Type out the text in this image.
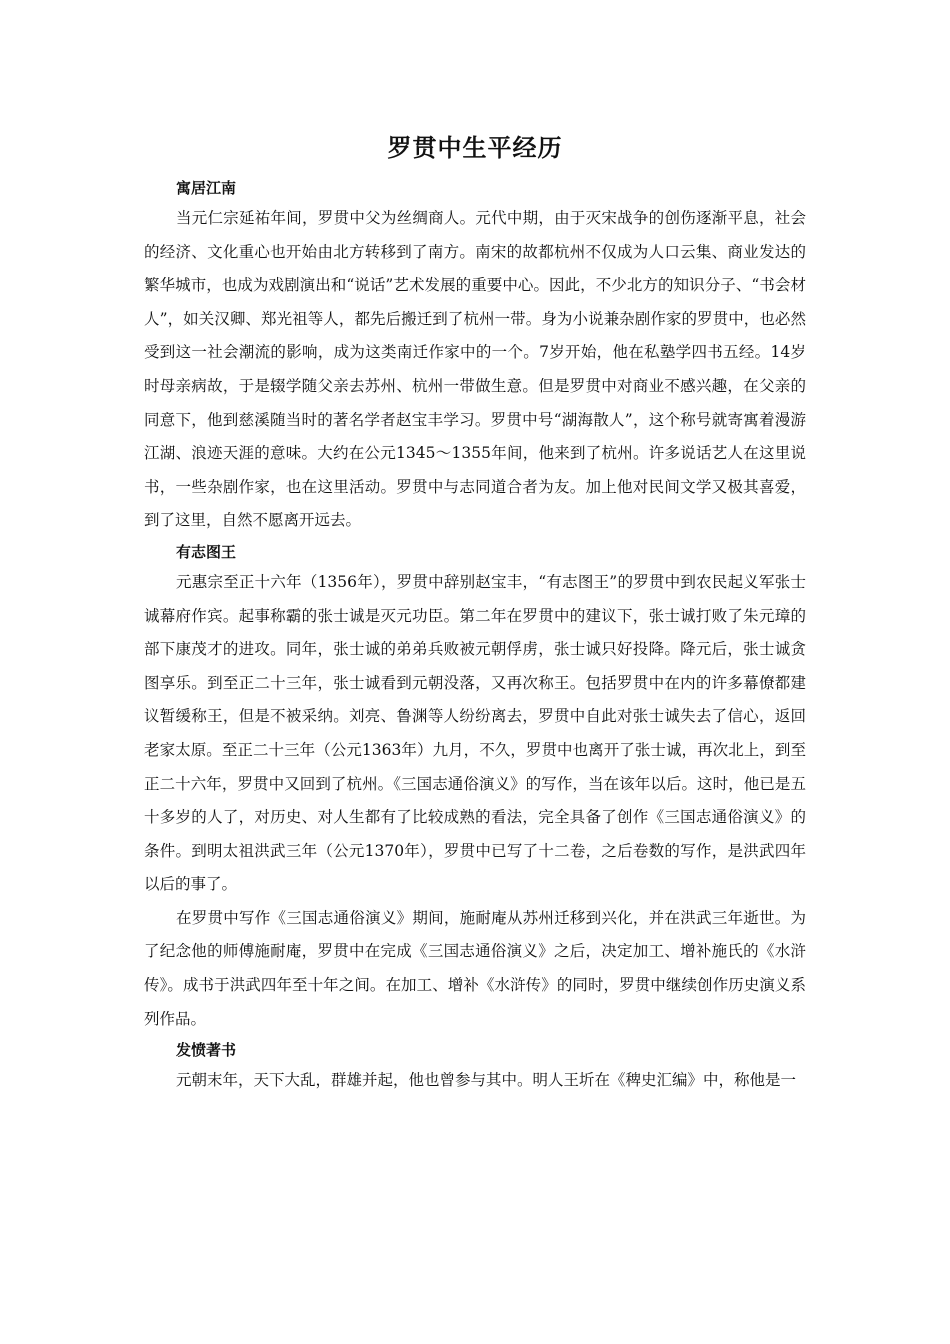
罗贯中生平经历
寓居江南

当元仁宗延祐年间，罗贯中父为丝绸商人。元代中期，由于灭宋战争的创伤逐渐平息，社会的经济、文化重心也开始由北方转移到了南方。南宋的故都杭州不仅成为人口云集、商业发达的繁华城市，也成为戏剧演出和“说话”艺术发展的重要中心。因此，不少北方的知识分子、“书会材人”，如关汉卿、郑光祖等人，都先后搬迁到了杭州一带。身为小说兼杂剧作家的罗贯中，也必然受到这一社会潮流的影响，成为这类南迁作家中的一个。7岁开始，他在私塾学四书五经。14岁时母亲病故，于是辍学随父亲去苏州、杭州一带做生意。但是罗贯中对商业不感兴趣，在父亲的同意下，他到慈溪随当时的著名学者赵宝丰学习。罗贯中号“湖海散人”，这个称号就寄寓着漫游江湖、浪迹天涯的意味。大约在公元1345～1355年间，他来到了杭州。许多说话艺人在这里说书，一些杂剧作家，也在这里活动。罗贯中与志同道合者为友。加上他对民间文学又极其喜爱，到了这里，自然不愿离开远去。

有志图王

元惠宗至正十六年（1356年），罗贯中辞别赵宝丰，“有志图王”的罗贯中到农民起义军张士诚幕府作宾。起事称霸的张士诚是灭元功臣。第二年在罗贯中的建议下，张士诚打败了朱元璋的部下康茂才的进攻。同年，张士诚的弟弟兵败被元朝俘虏，张士诚只好投降。降元后，张士诚贪图享乐。到至正二十三年，张士诚看到元朝没落，又再次称王。包括罗贯中在内的许多幕僚都建议暂缓称王，但是不被采纳。刘亮、鲁渊等人纷纷离去，罗贯中自此对张士诚失去了信心，返回老家太原。至正二十三年（公元1363年）九月，不久，罗贯中也离开了张士诚，再次北上，到至正二十六年，罗贯中又回到了杭州。《三国志通俗演义》的写作，当在该年以后。这时，他已是五十多岁的人了，对历史、对人生都有了比较成熟的看法，完全具备了创作《三国志通俗演义》的条件。到明太祖洪武三年（公元1370年），罗贯中已写了十二卷，之后卷数的写作，是洪武四年以后的事了。

在罗贯中写作《三国志通俗演义》期间，施耐庵从苏州迁移到兴化，并在洪武三年逝世。为了纪念他的师傅施耐庵，罗贯中在完成《三国志通俗演义》之后，决定加工、增补施氏的《水浒传》。成书于洪武四年至十年之间。在加工、增补《水浒传》的同时，罗贯中继续创作历史演义系列作品。

发愤著书

元朝末年，天下大乱，群雄并起，他也曾参与其中。明人王圻在《稗史汇编》中，称他是一
